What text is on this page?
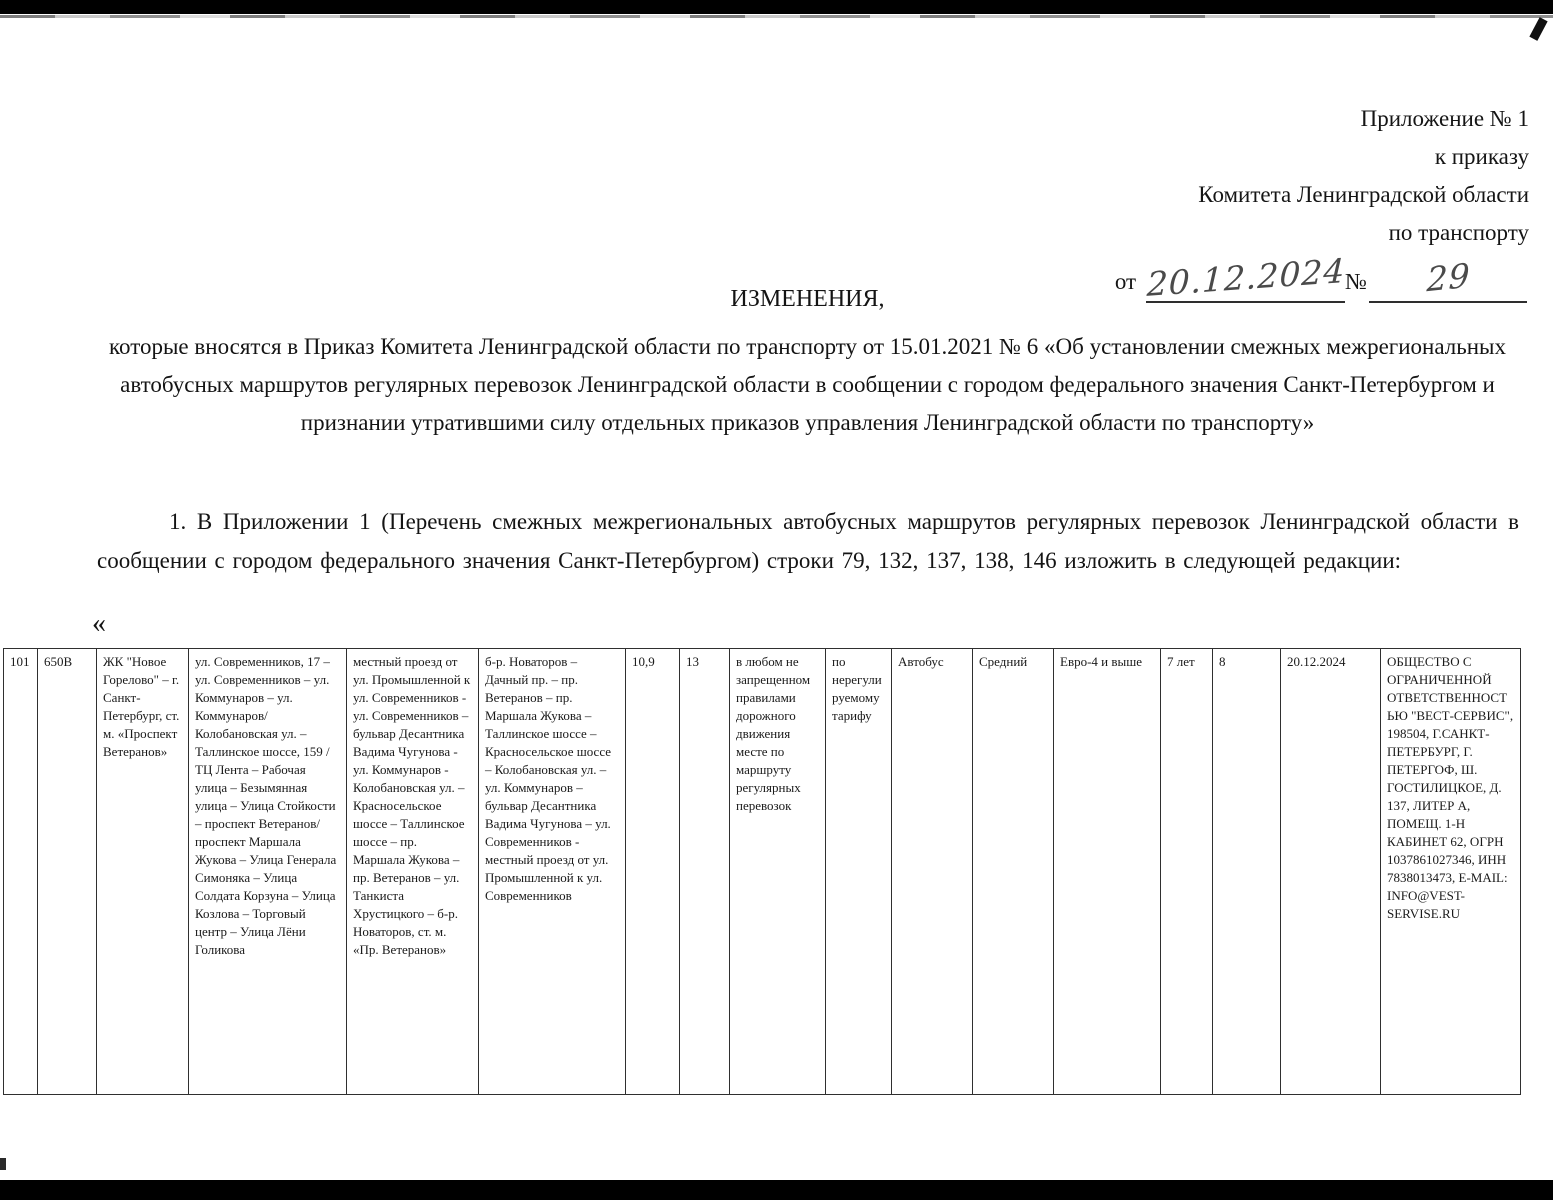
Приложение № 1
к приказу
Комитета Ленинградской области
по транспорту
от 20.12.2024
№	29
ИЗМЕНЕНИЯ,
которые вносятся в Приказ Комитета Ленинградской области по транспорту от 15.01.2021 № 6 «Об установлении смежных межрегиональных автобусных маршрутов регулярных перевозок Ленинградской области в сообщении с городом федерального значения Санкт-Петербургом и признании утратившими силу отдельных приказов управления Ленинградской области по транспорту»
1. В Приложении 1 (Перечень смежных межрегиональных автобусных маршрутов регулярных перевозок Ленинградской области в сообщении с городом федерального значения Санкт-Петербургом) строки 79, 132, 137, 138, 146 изложить в следующей редакции:
«
101	650В	ЖК "Новое Горелово" – г. Санкт-Петербург, ст. м. «Проспект Ветеранов»	ул. Современников, 17 – ул. Современников – ул. Коммунаров – ул. Коммунаров/Колобановская ул. – Таллинское шоссе, 159 / ТЦ Лента – Рабочая улица – Безымянная улица – Улица Стойкости – проспект Ветеранов/проспект Маршала Жукова – Улица Генерала Симоняка – Улица Солдата Корзуна – Улица Козлова – Торговый центр – Улица Лёни Голикова	местный проезд от ул. Промышленной к ул. Современников - ул. Современников – бульвар Десантника Вадима Чугунова - ул. Коммунаров - Колобановская ул. – Красносельское шоссе – Таллинское шоссе – пр. Маршала Жукова – пр. Ветеранов – ул. Танкиста Хрустицкого – б-р. Новаторов, ст. м. «Пр. Ветеранов»	б-р. Новаторов – Дачный пр. – пр. Ветеранов – пр. Маршала Жукова – Таллинское шоссе – Красносельское шоссе – Колобановская ул. – ул. Коммунаров – бульвар Десантника Вадима Чугунова – ул. Современников - местный проезд от ул. Промышленной к ул. Современников	10,9	13	в любом не запрещенном правилами дорожного движения месте по маршруту регулярных перевозок	по нерегулируемому тарифу	Автобус	Средний	Евро-4 и выше	7 лет	8	20.12.2024	ОБЩЕСТВО С ОГРАНИЧЕННОЙ ОТВЕТСТВЕННОСТЬЮ "ВЕСТ-СЕРВИС", 198504, Г.САНКТ-ПЕТЕРБУРГ, Г. ПЕТЕРГОФ, Ш. ГОСТИЛИЦКОЕ, Д. 137, ЛИТЕР А, ПОМЕЩ. 1-Н КАБИНЕТ 62, ОГРН 1037861027346, ИНН 7838013473, E-MAIL: INFO@VEST-SERVISE.RU
